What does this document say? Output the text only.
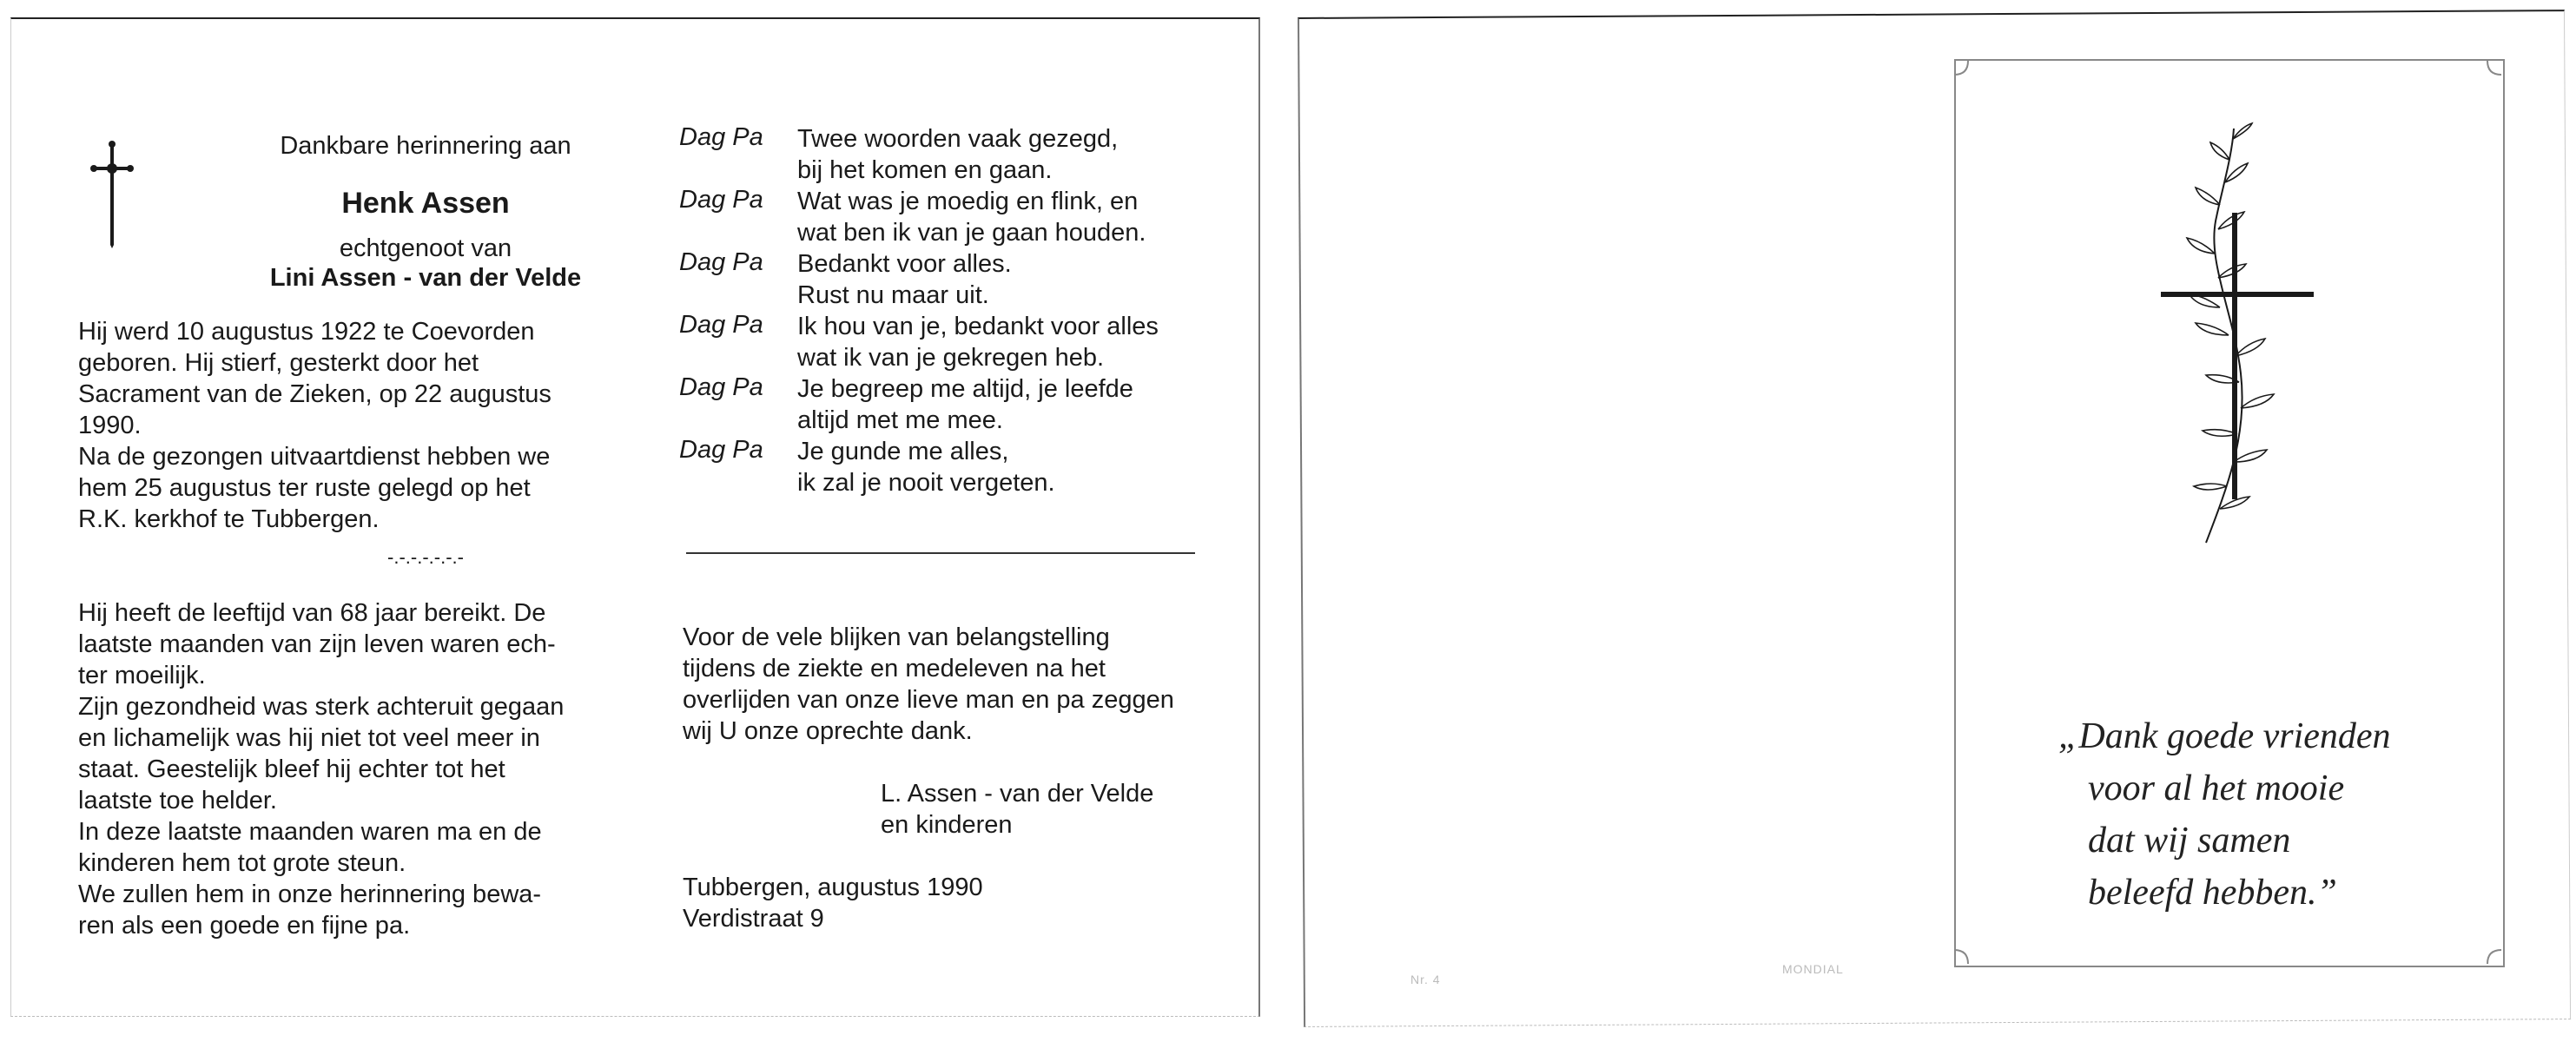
Dankbare herinnering aan
Henk Assen
echtgenoot van
Lini Assen - van der Velde
Hij werd 10 augustus 1922 te Coevorden
geboren. Hij stierf, gesterkt door het
Sacrament van de Zieken, op 22 augustus
1990.
Na de gezongen uitvaartdienst hebben we
hem 25 augustus ter ruste gelegd op het
R.K. kerkhof te Tubbergen.
-.-.-.-.-.-.-
Hij heeft de leeftijd van 68 jaar bereikt. De
laatste maanden van zijn leven waren ech-
ter moeilijk.
Zijn gezondheid was sterk achteruit gegaan
en lichamelijk was hij niet tot veel meer in
staat. Geestelijk bleef hij echter tot het
laatste toe helder.
In deze laatste maanden waren ma en de
kinderen hem tot grote steun.
We zullen hem in onze herinnering bewa-
ren als een goede en fijne pa.
Dag Pa Twee woorden vaak gezegd,
bij het komen en gaan.
Dag Pa Wat was je moedig en flink, en
wat ben ik van je gaan houden.
Dag Pa Bedankt voor alles.
Rust nu maar uit.
Dag Pa Ik hou van je, bedankt voor alles
wat ik van je gekregen heb.
Dag Pa Je begreep me altijd, je leefde
altijd met me mee.
Dag Pa Je gunde me alles,
ik zal je nooit vergeten.
Voor de vele blijken van belangstelling
tijdens de ziekte en medeleven na het
overlijden van onze lieve man en pa zeggen
wij U onze oprechte dank.
L. Assen - van der Velde
en kinderen
Tubbergen, augustus 1990
Verdistraat 9
„Dank goede vrienden
voor al het mooie
dat wij samen
beleefd hebben.”
Nr. 4
MONDIAL
